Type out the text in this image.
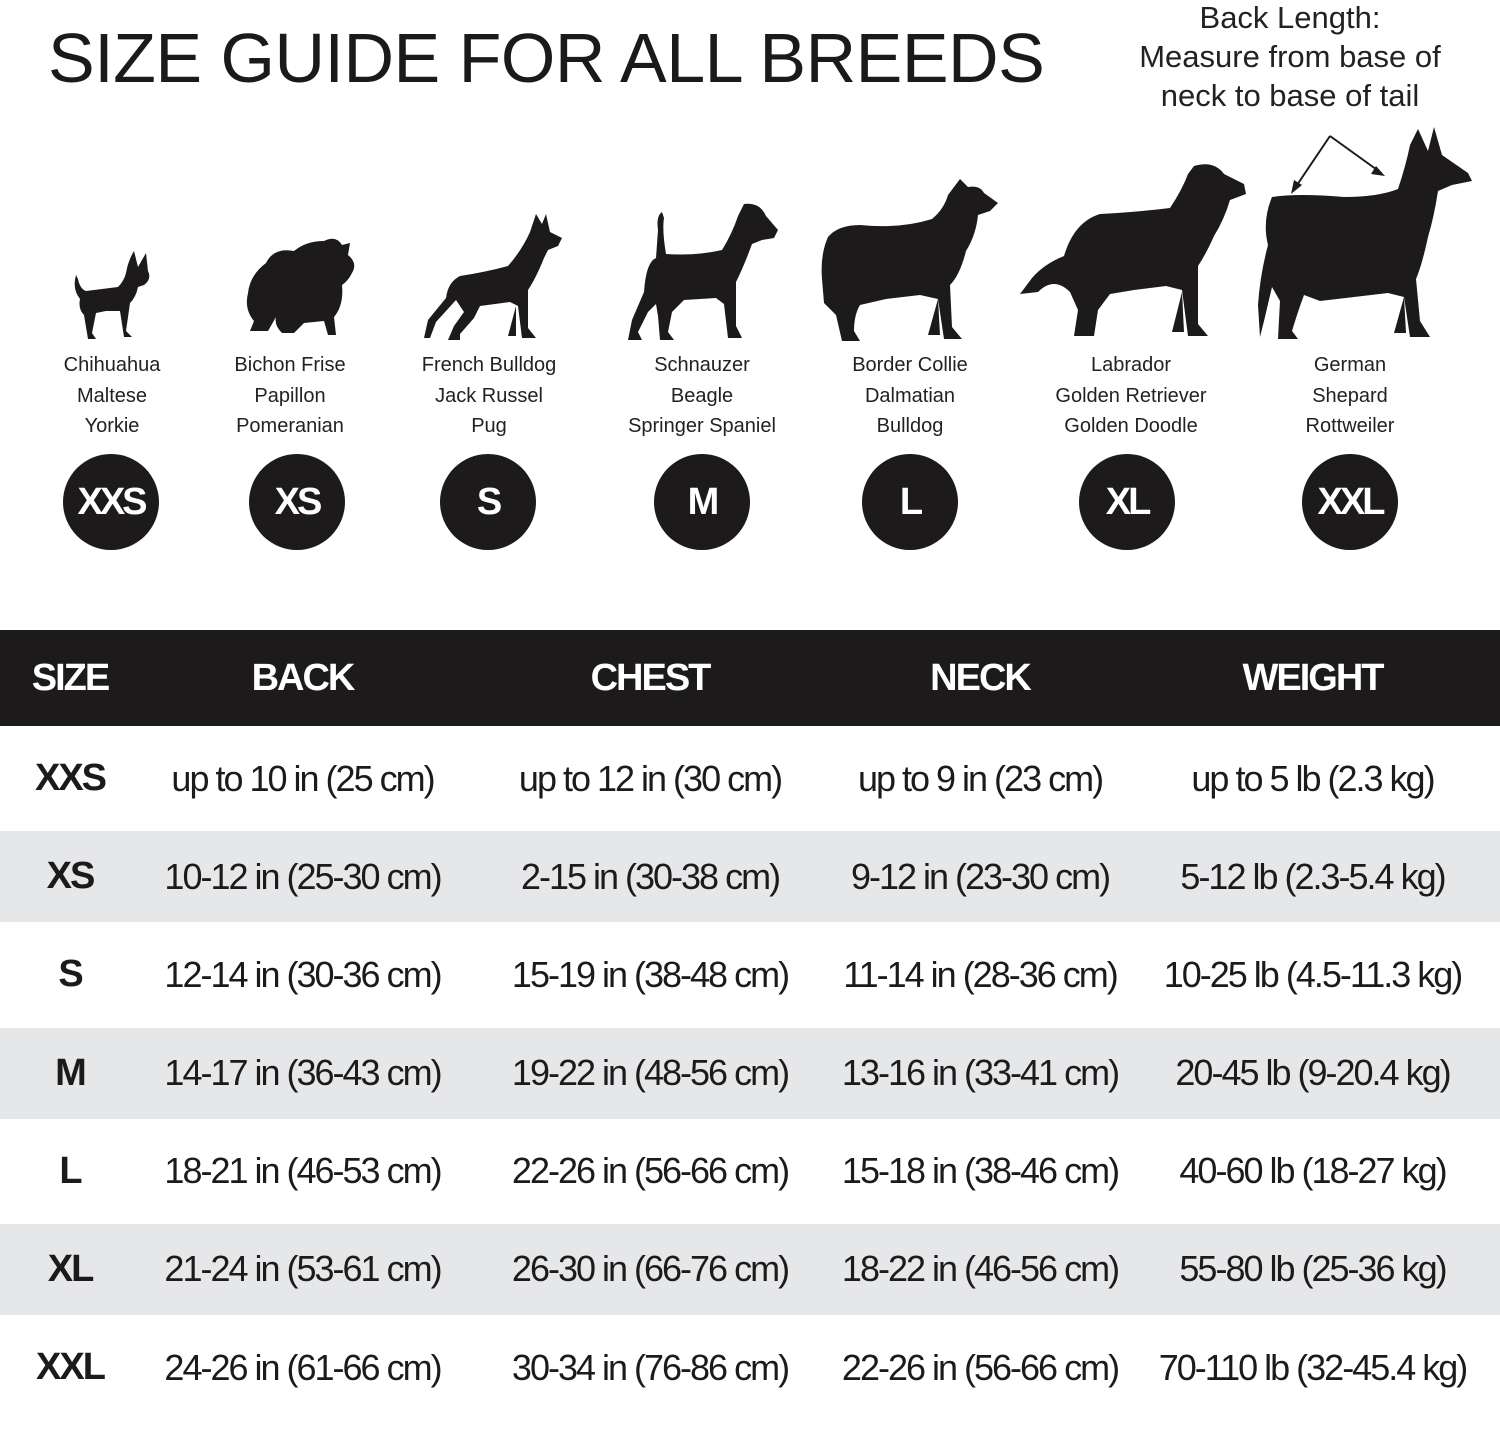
SIZE GUIDE FOR ALL BREEDS
Back Length:
Measure from base of
neck to base of tail
Chihuahua
Maltese
Yorkie
Bichon Frise
Papillon
Pomeranian
French Bulldog
Jack Russel
Pug
Schnauzer
Beagle
Springer Spaniel
Border Collie
Dalmatian
Bulldog
Labrador
Golden Retriever
Golden Doodle
German
Shepard
Rottweiler
XXS	XS	S	M	L	XL	XXL
SIZE	BACK	CHEST	NECK	WEIGHT
XXS	up to 10 in (25 cm)	up to 12 in (30 cm)	up to 9 in (23 cm)	up to 5 lb (2.3 kg)
XS	10-12 in (25-30 cm)	2-15 in (30-38 cm)	9-12 in (23-30 cm)	5-12 lb (2.3-5.4 kg)
S	12-14 in (30-36 cm)	15-19 in (38-48 cm)	11-14 in (28-36 cm)	10-25 lb (4.5-11.3 kg)
M	14-17 in (36-43 cm)	19-22 in (48-56 cm)	13-16 in (33-41 cm)	20-45 lb (9-20.4 kg)
L	18-21 in (46-53 cm)	22-26 in (56-66 cm)	15-18 in (38-46 cm)	40-60 lb (18-27 kg)
XL	21-24 in (53-61 cm)	26-30 in (66-76 cm)	18-22 in (46-56 cm)	55-80 lb (25-36 kg)
XXL	24-26 in (61-66 cm)	30-34 in (76-86 cm)	22-26 in (56-66 cm)	70-110 lb (32-45.4 kg)
